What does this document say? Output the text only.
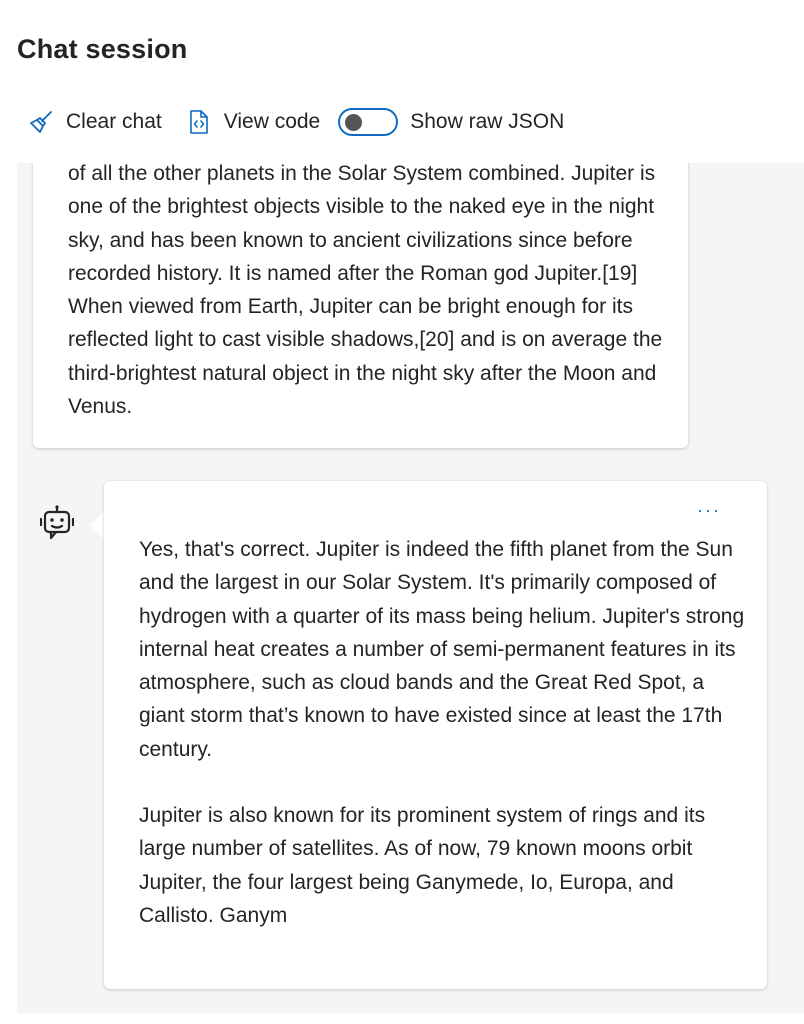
Chat session
Clear chat	View code	Show raw JSON

of all the other planets in the Solar System combined. Jupiter is one of the brightest objects visible to the naked eye in the night sky, and has been known to ancient civilizations since before recorded history. It is named after the Roman god Jupiter.[19] When viewed from Earth, Jupiter can be bright enough for its reflected light to cast visible shadows,[20] and is on average the third-brightest natural object in the night sky after the Moon and Venus.

···

Yes, that's correct. Jupiter is indeed the fifth planet from the Sun and the largest in our Solar System. It's primarily composed of hydrogen with a quarter of its mass being helium. Jupiter's strong internal heat creates a number of semi-permanent features in its atmosphere, such as cloud bands and the Great Red Spot, a giant storm that’s known to have existed since at least the 17th century.

Jupiter is also known for its prominent system of rings and its large number of satellites. As of now, 79 known moons orbit Jupiter, the four largest being Ganymede, Io, Europa, and Callisto. Ganym
